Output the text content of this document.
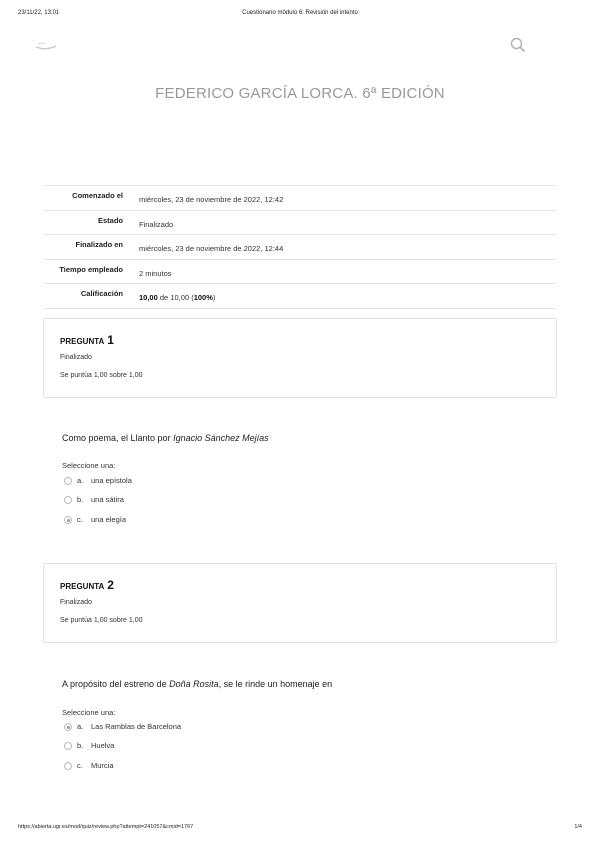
23/11/22, 13:01	Cuestionario módulo 6: Revisión del intento
FEDERICO GARCÍA LORCA. 6ª EDICIÓN
Comenzado el	miércoles, 23 de noviembre de 2022, 12:42

Estado	Finalizado

Finalizado en	miércoles, 23 de noviembre de 2022, 12:44

Tiempo empleado	2 minutos

Calificación	10,00 de 10,00 (100%)
PREGUNTA 1
Finalizado
Se puntúa 1,00 sobre 1,00
Como poema, el Llanto por Ignacio Sánchez Mejías
Seleccione una:
a. una epístola
b. una sátira
c. una elegía
PREGUNTA 2
Finalizado
Se puntúa 1,00 sobre 1,00
A propósito del estreno de Doña Rosita, se le rinde un homenaje en
Seleccione una:
a. Las Ramblas de Barcelona
b. Huelva
c. Murcia
https://abierta.ugr.es/mod/quiz/review.php?attempt=241057&cmid=1767	1/4
